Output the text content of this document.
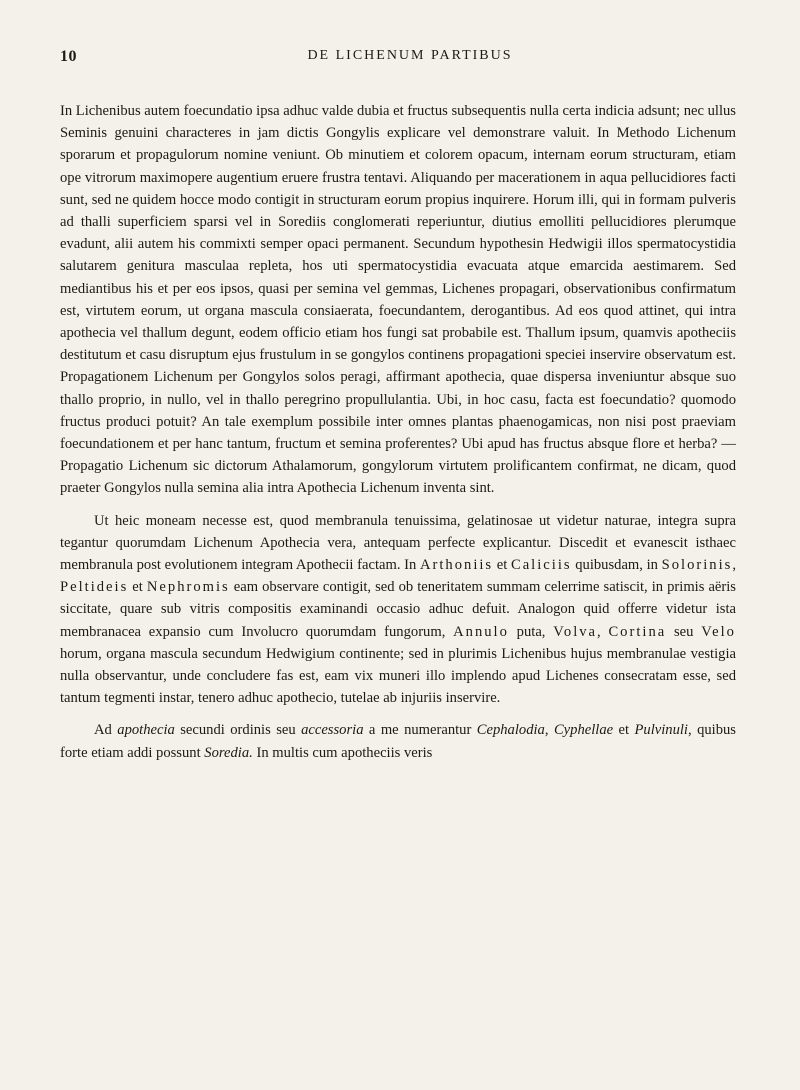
10	DE LICHENUM PARTIBUS

In Lichenibus autem foecundatio ipsa adhuc valde dubia et fructus subsequentis nulla certa indicia adsunt; nec ullus Seminis genuini characteres in jam dictis Gongylis explicare vel demonstrare valuit. In Methodo Lichenum sporarum et propagulorum nomine veniunt. Ob minutiem et colorem opacum, internam eorum structuram, etiam ope vitrorum maximopere augentium eruere frustra tentavi. Aliquando per macerationem in aqua pellucidiores facti sunt, sed ne quidem hocce modo contigit in structuram eorum propius inquirere. Horum illi, qui in formam pulveris ad thalli superficiem sparsi vel in Sorediis conglomerati reperiuntur, diutius emolliti pellucidiores plerumque evadunt, alii autem his commixti semper opaci permanent. Secundum hypothesin Hedwigii illos spermatocystidia salutarem genitura masculaa repleta, hos uti spermatocystidia evacuata atque emarcida aestimarem. Sed mediantibus his et per eos ipsos, quasi per semina vel gemmas, Lichenes propagari, observationibus confirmatum est, virtutem eorum, ut organa mascula consiaerata, foecundantem, derogantibus. Ad eos quod attinet, qui intra apothecia vel thallum degunt, eodem officio etiam hos fungi sat probabile est. Thallum ipsum, quamvis apotheciis destitutum et casu disruptum ejus frustulum in se gongylos continens propagationi speciei inservire observatum est. Propagationem Lichenum per Gongylos solos peragi, affirmant apothecia, quae dispersa inveniuntur absque suo thallo proprio, in nullo, vel in thallo peregrino propullulantia. Ubi, in hoc casu, facta est foecundatio? quomodo fructus produci potuit? An tale exemplum possibile inter omnes plantas phaenogamicas, non nisi post praeviam foecundationem et per hanc tantum, fructum et semina proferentes? Ubi apud has fructus absque flore et herba? — Propagatio Lichenum sic dictorum Athalamorum, gongylorum virtutem prolificantem confirmat, ne dicam, quod praeter Gongylos nulla semina alia intra Apothecia Lichenum inventa sint.

Ut heic moneam necesse est, quod membranula tenuissima, gelatinosae ut videtur naturae, integra supra tegantur quorumdam Lichenum Apothecia vera, antequam perfecte explicantur. Discedit et evanescit isthaec membranula post evolutionem integram Apothecii factam. In Arthoniis et Caliciis quibusdam, in Solorinis, Peltideis et Nephromis eam observare contigit, sed ob teneritatem summam celerrime satiscit, in primis aëris siccitate, quare sub vitris compositis examinandi occasio adhuc defuit. Analogon quid offerre videtur ista membranacea expansio cum Involucro quorumdam fungorum, Annulo puta, Volva, Cortina seu Velo horum, organa mascula secundum Hedwigium continente; sed in plurimis Lichenibus hujus membranulae vestigia nulla observantur, unde concludere fas est, eam vix muneri illo implendo apud Lichenes consecratam esse, sed tantum tegmenti instar, tenero adhuc apothecio, tutelae ab injuriis inservire.

Ad apothecia secundi ordinis seu accessoria a me numerantur Cephalodia, Cyphellae et Pulvinuli, quibus forte etiam addi possunt Soredia. In multis cum apotheciis veris
